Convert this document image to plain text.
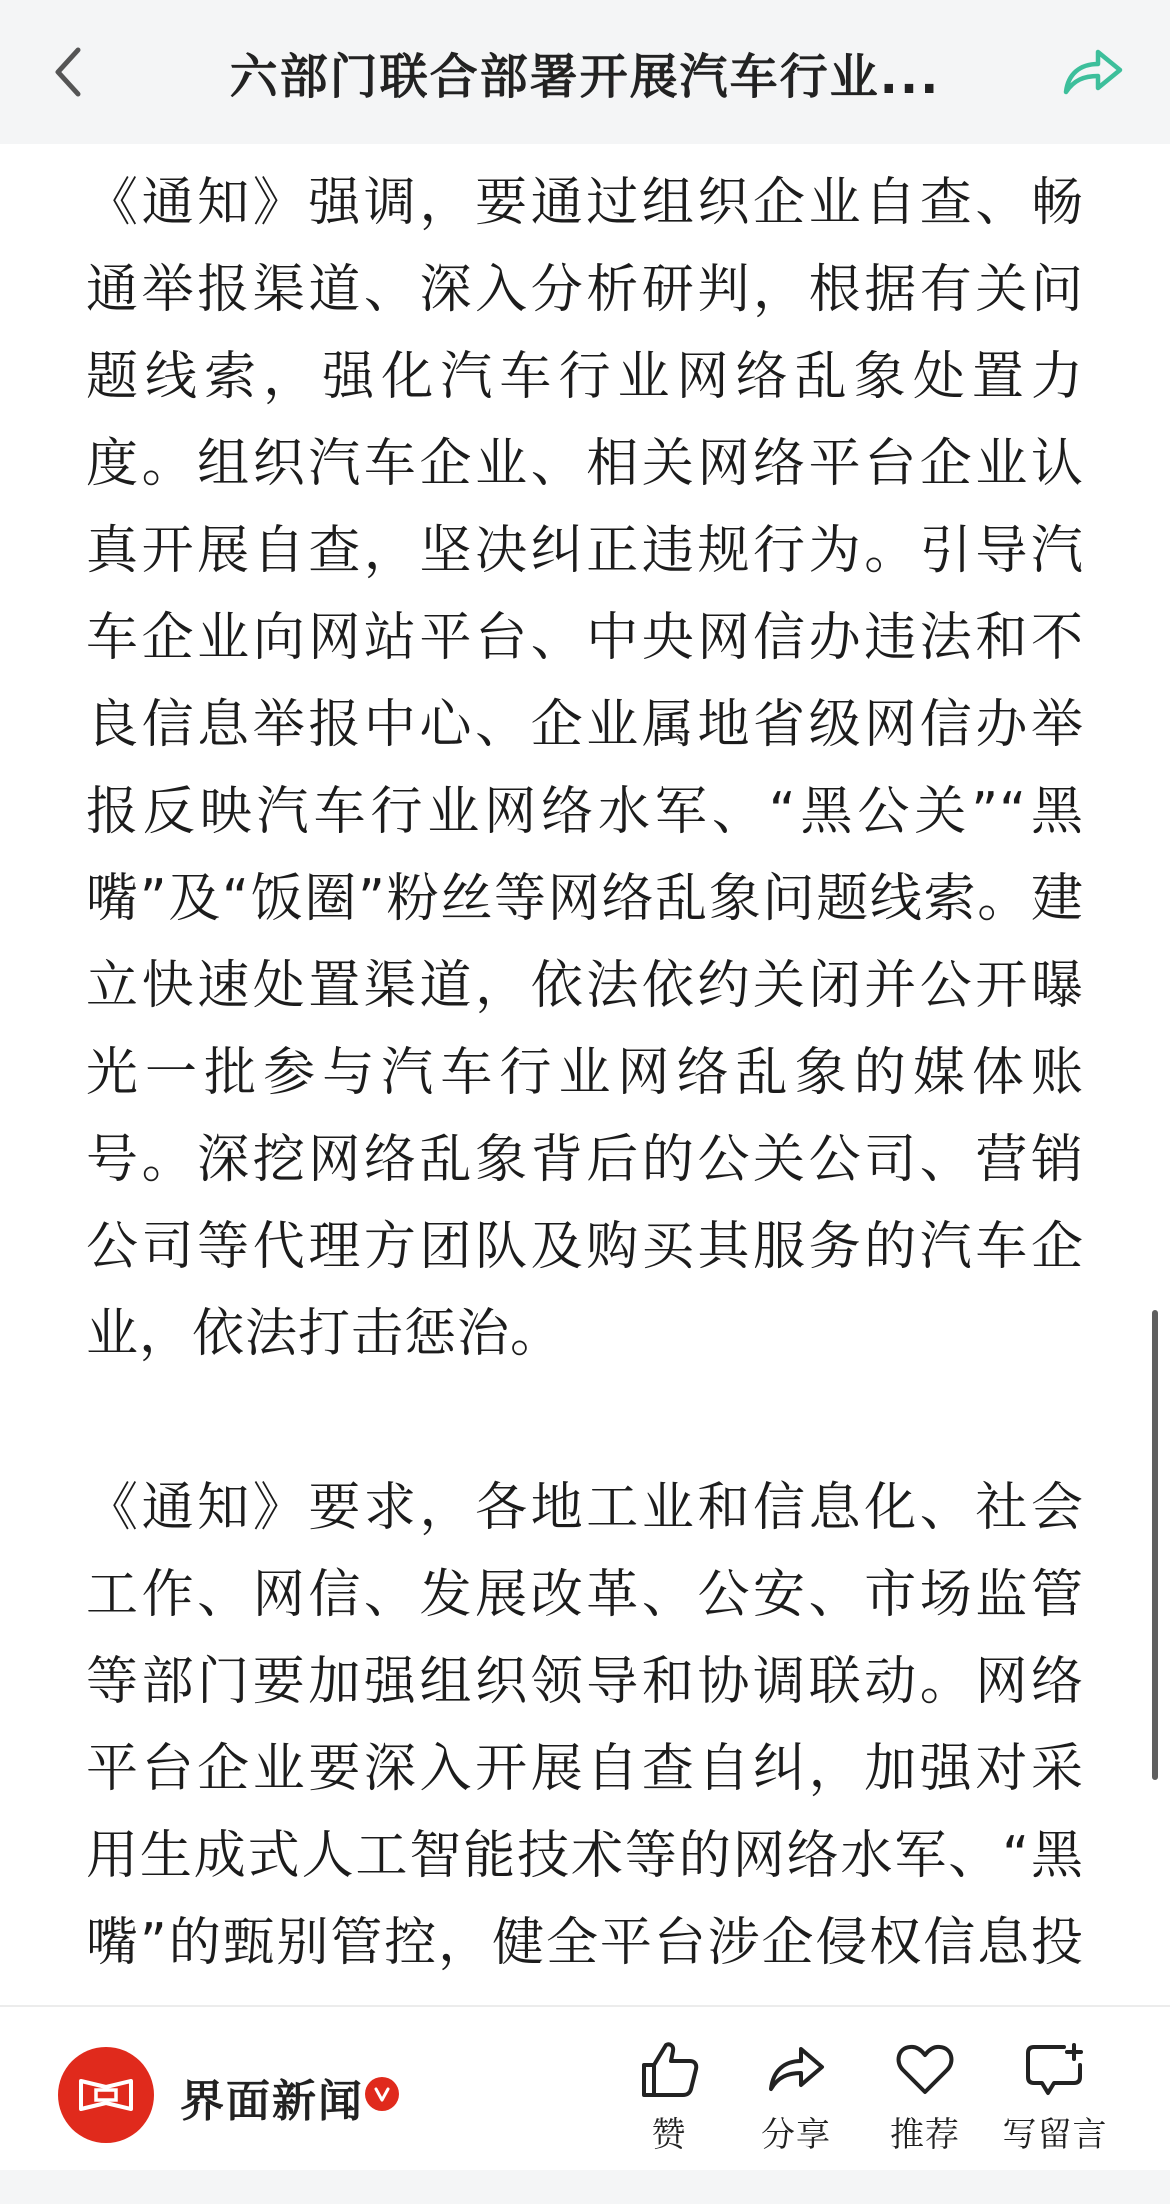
六部门联合部署开展汽车行业...

《通知》强调，要通过组织企业自查、畅通举报渠道、深入分析研判，根据有关问题线索，强化汽车行业网络乱象处置力度。组织汽车企业、相关网络平台企业认真开展自查，坚决纠正违规行为。引导汽车企业向网站平台、中央网信办违法和不良信息举报中心、企业属地省级网信办举报反映汽车行业网络水军、“黑公关”“黑嘴”及“饭圈”粉丝等网络乱象问题线索。建立快速处置渠道，依法依约关闭并公开曝光一批参与汽车行业网络乱象的媒体账号。深挖网络乱象背后的公关公司、营销公司等代理方团队及购买其服务的汽车企业，依法打击惩治。

《通知》要求，各地工业和信息化、社会工作、网信、发展改革、公安、市场监管等部门要加强组织领导和协调联动。网络平台企业要深入开展自查自纠，加强对采用生成式人工智能技术等的网络水军、“黑嘴”的甄别管控，健全平台涉企侵权信息投

界面新闻
赞 分享 推荐 写留言
